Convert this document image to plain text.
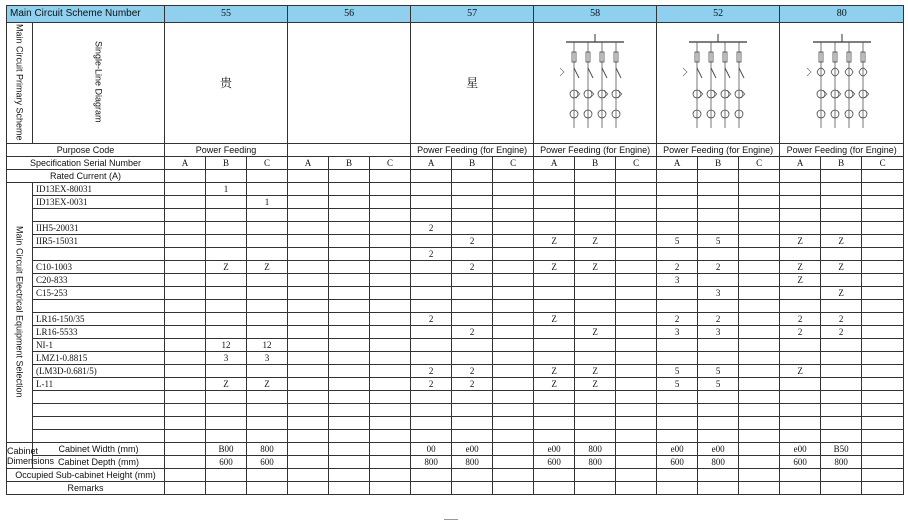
Main Circuit Scheme Number		55			56			57			58			52			80		
Main Circuit Primary Scheme	Single-Line Diagram	贵						星	

Purpose Code		Power Feeding						Power Feeding (for Engine)			Power Feeding (for Engine)			Power Feeding (for Engine)			Power Feeding (for Engine)		
Specification Serial Number		A	B	C	A	B	C	A	B	C	A	B	C	A	B	C	A	B	C
Rated Current (A)																			
Main Circuit Electrical Equipment Selection	ID13EX-80031		1																
	ID13EX-0031			1															

	IIH5-20031							2											
	IIR5-15031								2		Z	Z		5	5		Z	Z	
								2											
	C10-1003		Z	Z					2		Z	Z		2	2		Z	Z	
	C20-833													3			Z		
	C15-253														3			Z	

	LR16-150/35							2			Z			2	2		2	2	
	LR16-5533								2			Z		3	3		2	2	
	NI-1		12	12															
	LMZ1-0.8815		3	3															
	(LM3D-0.681/5)							2	2		Z	Z		5	5		Z		
	L-11		Z	Z				2	2		Z	Z		5	5				

Cabinet Dimensions	Cabinet Width (mm)		B00	800				00	e00		e00	800		e00	e00		e00	B50	
	Cabinet Depth (mm)		600	600				800	800		600	800		600	800		600	800	
Occupied Sub-cabinet Height (mm)																			
Remarks																			
